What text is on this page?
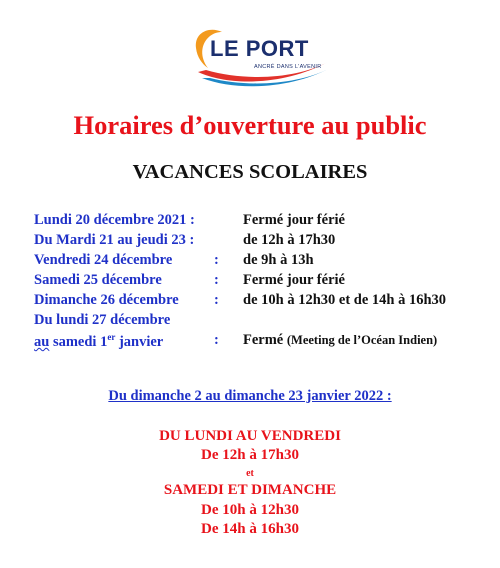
LE PORT
ANCRÉ DANS L'AVENIR
Horaires d’ouverture au public
VACANCES SCOLAIRES
Lundi 20 décembre 2021 :	Fermé jour férié
Du Mardi 21 au jeudi 23 :	de 12h à 17h30
Vendredi 24 décembre	: de 9h à 13h
Samedi 25 décembre	: Fermé jour férié
Dimanche 26 décembre : de 10h à 12h30 et de 14h à 16h30
Du lundi 27 décembre
au samedi 1er janvier	: Fermé (Meeting de l’Océan Indien)
Du dimanche 2 au dimanche 23 janvier 2022 :
DU LUNDI AU VENDREDI
De 12h à 17h30
et
SAMEDI ET DIMANCHE
De 10h à 12h30
De 14h à 16h30
